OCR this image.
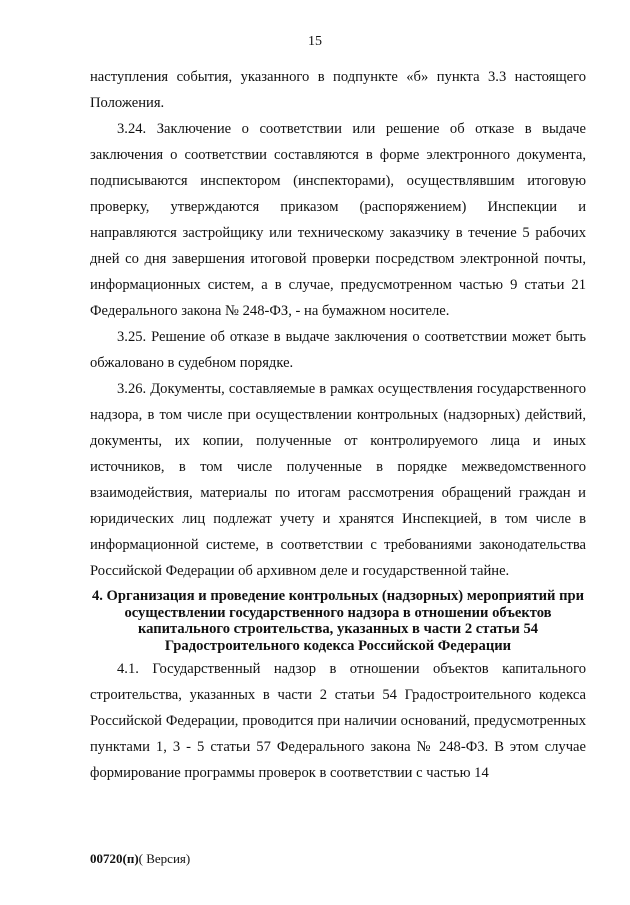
15

наступления события, указанного в подпункте «б» пункта 3.3 настоящего Положения.

3.24. Заключение о соответствии или решение об отказе в выдаче заключения о соответствии составляются в форме электронного документа, подписываются инспектором (инспекторами), осуществлявшим итоговую проверку, утверждаются приказом (распоряжением) Инспекции и направляются застройщику или техническому заказчику в течение 5 рабочих дней со дня завершения итоговой проверки посредством электронной почты, информационных систем, а в случае, предусмотренном частью 9 статьи 21 Федерального закона № 248-ФЗ, - на бумажном носителе.

3.25. Решение об отказе в выдаче заключения о соответствии может быть обжаловано в судебном порядке.

3.26. Документы, составляемые в рамках осуществления государственного надзора, в том числе при осуществлении контрольных (надзорных) действий, документы, их копии, полученные от контролируемого лица и иных источников, в том числе полученные в порядке межведомственного взаимодействия, материалы по итогам рассмотрения обращений граждан и юридических лиц подлежат учету и хранятся Инспекцией, в том числе в информационной системе, в соответствии с требованиями законодательства Российской Федерации об архивном деле и государственной тайне.

4. Организация и проведение контрольных (надзорных) мероприятий при осуществлении государственного надзора в отношении объектов капитального строительства, указанных в части 2 статьи 54 Градостроительного кодекса Российской Федерации

4.1. Государственный надзор в отношении объектов капитального строительства, указанных в части 2 статьи 54 Градостроительного кодекса Российской Федерации, проводится при наличии оснований, предусмотренных пунктами 1, 3 - 5 статьи 57 Федерального закона № 248-ФЗ. В этом случае формирование программы проверок в соответствии с частью 14

00720(п)( Версия)
